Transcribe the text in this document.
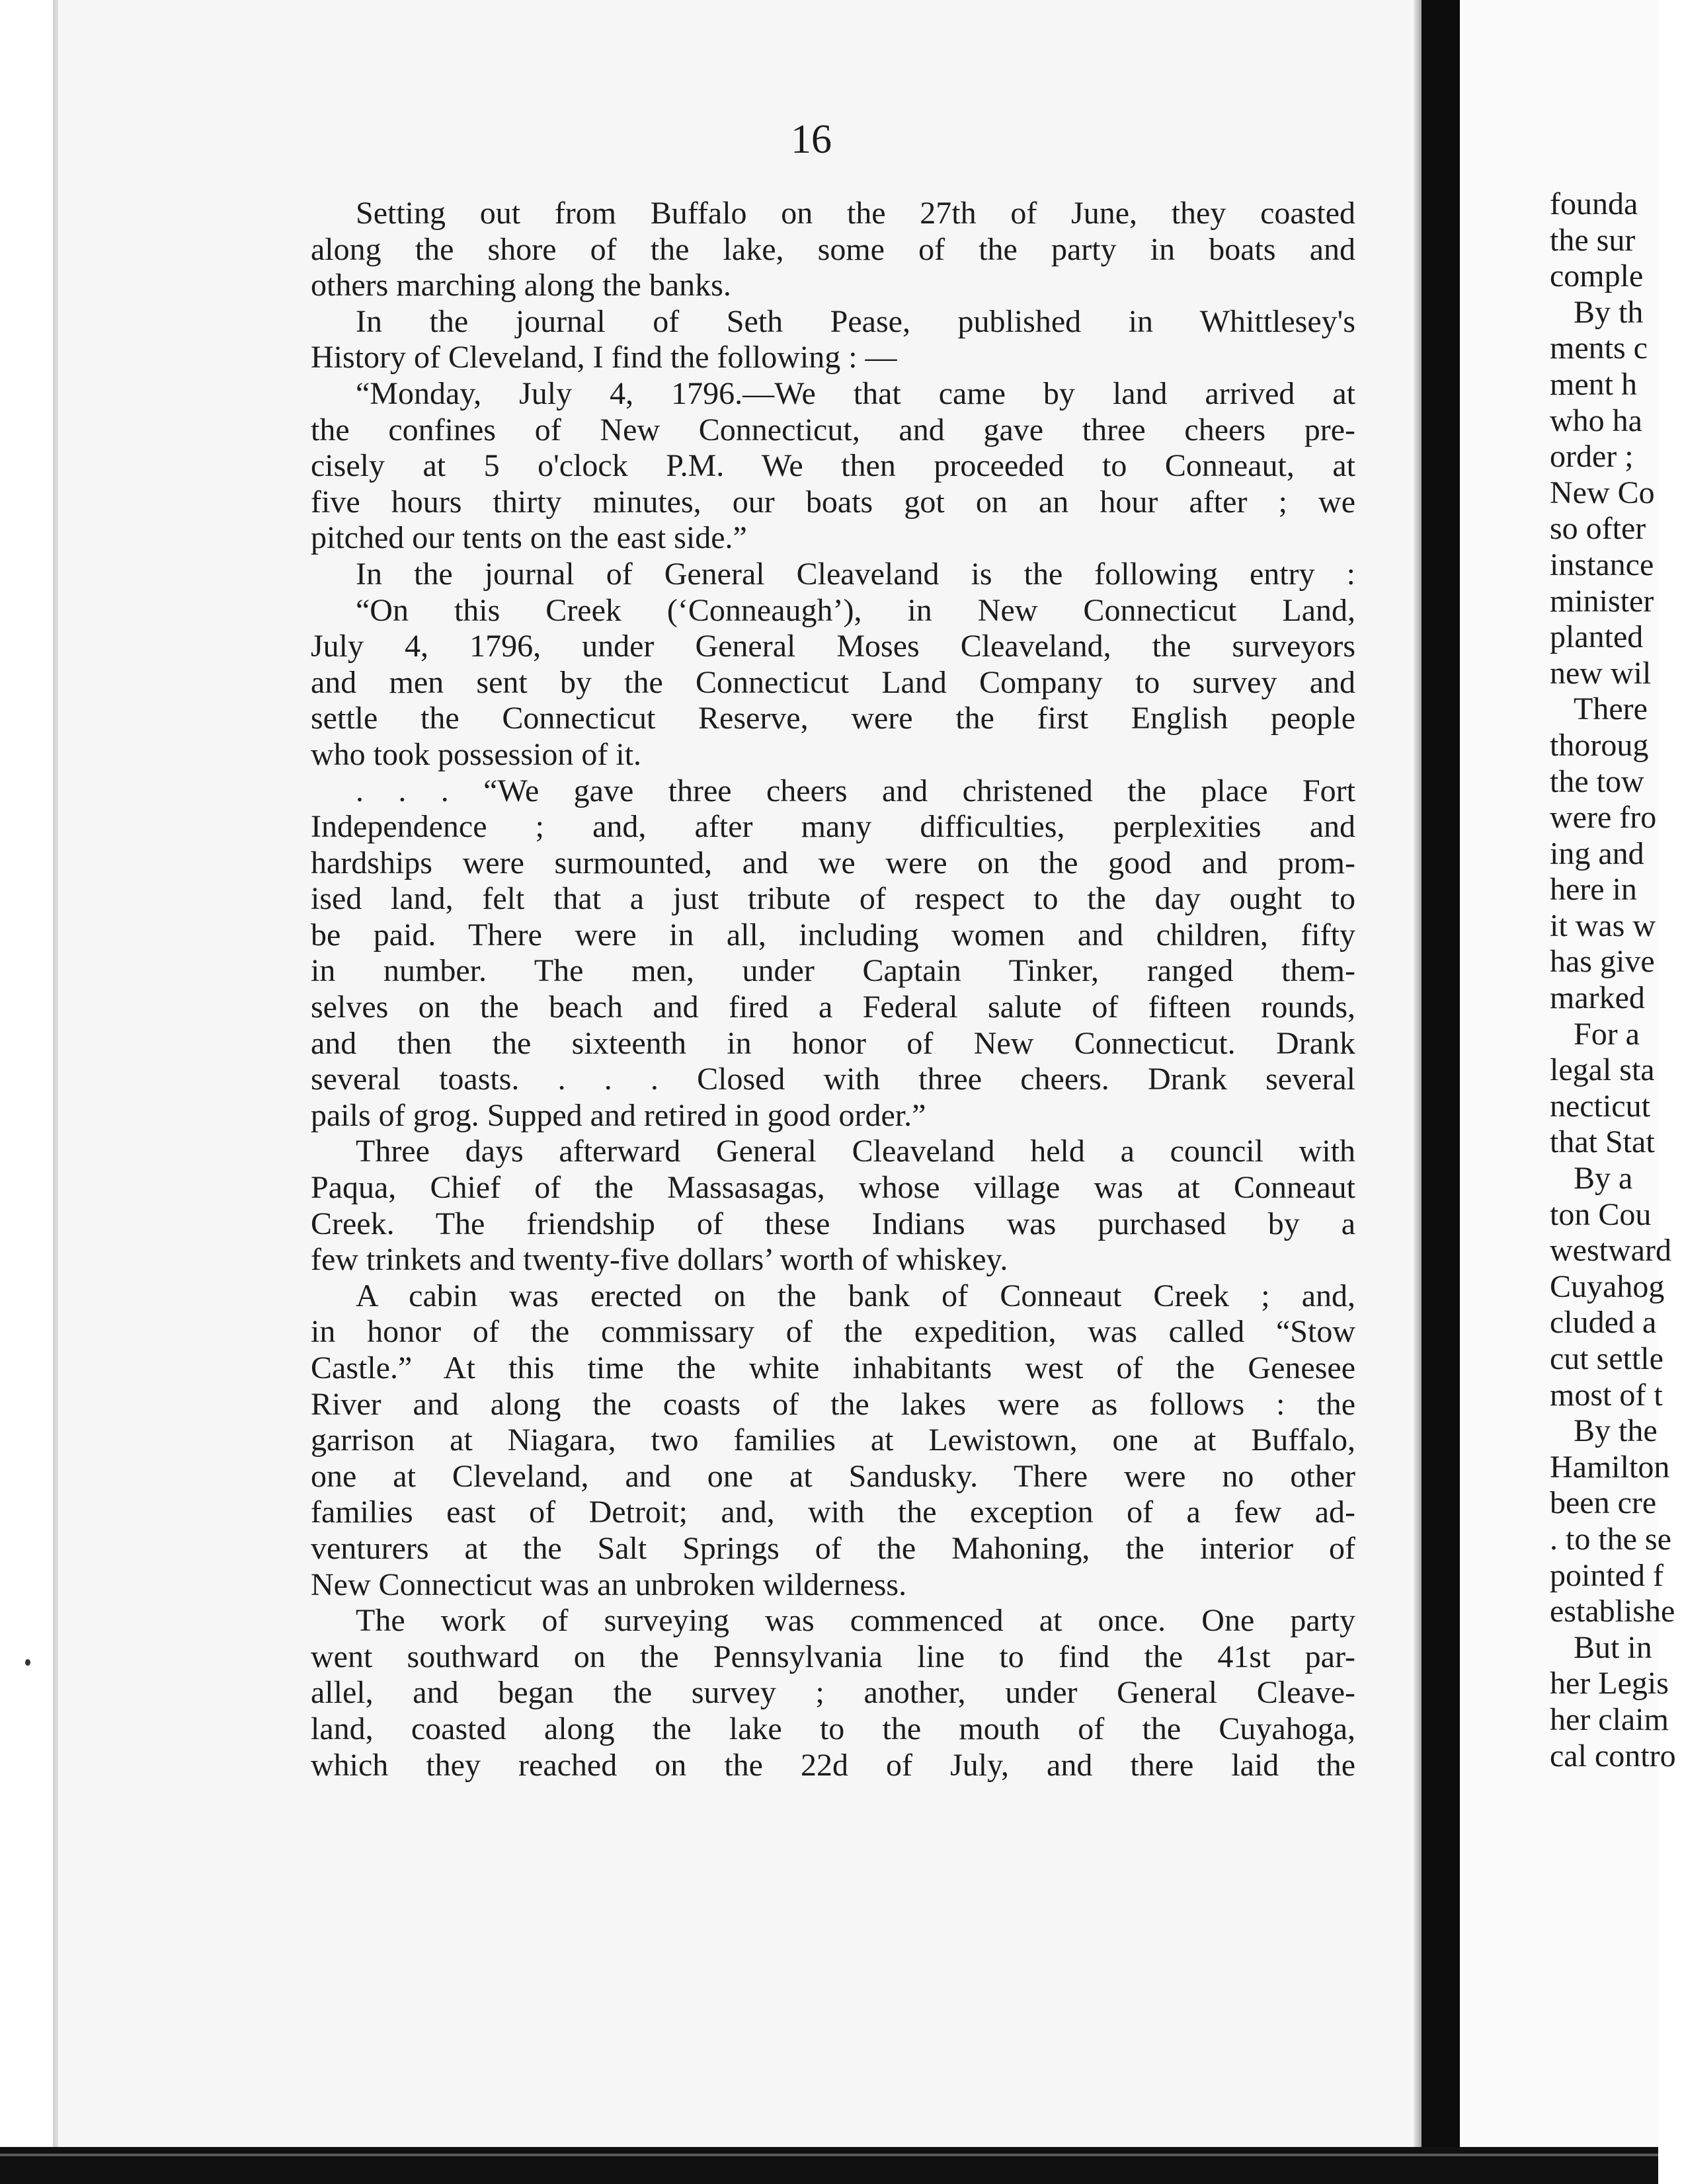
16
Setting out from Buffalo on the 27th of June, they coasted
along the shore of the lake, some of the party in boats and
others marching along the banks.
In the journal of Seth Pease, published in Whittlesey's
History of Cleveland, I find the following : —
“Monday, July 4, 1796.—We that came by land arrived at
the confines of New Connecticut, and gave three cheers pre-
cisely at 5 o'clock P.M. We then proceeded to Conneaut, at
five hours thirty minutes, our boats got on an hour after ; we
pitched our tents on the east side.”
In the journal of General Cleaveland is the following entry :
“On this Creek (‘Conneaugh’), in New Connecticut Land,
July 4, 1796, under General Moses Cleaveland, the surveyors
and men sent by the Connecticut Land Company to survey and
settle the Connecticut Reserve, were the first English people
who took possession of it.
. . . “We gave three cheers and christened the place Fort
Independence ; and, after many difficulties, perplexities and
hardships were surmounted, and we were on the good and prom-
ised land, felt that a just tribute of respect to the day ought to
be paid. There were in all, including women and children, fifty
in number. The men, under Captain Tinker, ranged them-
selves on the beach and fired a Federal salute of fifteen rounds,
and then the sixteenth in honor of New Connecticut. Drank
several toasts. . . . Closed with three cheers. Drank several
pails of grog. Supped and retired in good order.”
Three days afterward General Cleaveland held a council with
Paqua, Chief of the Massasagas, whose village was at Conneaut
Creek. The friendship of these Indians was purchased by a
few trinkets and twenty-five dollars’ worth of whiskey.
A cabin was erected on the bank of Conneaut Creek ; and,
in honor of the commissary of the expedition, was called “Stow
Castle.” At this time the white inhabitants west of the Genesee
River and along the coasts of the lakes were as follows : the
garrison at Niagara, two families at Lewistown, one at Buffalo,
one at Cleveland, and one at Sandusky. There were no other
families east of Detroit; and, with the exception of a few ad-
venturers at the Salt Springs of the Mahoning, the interior of
New Connecticut was an unbroken wilderness.
The work of surveying was commenced at once. One party
went southward on the Pennsylvania line to find the 41st par-
allel, and began the survey ; another, under General Cleave-
land, coasted along the lake to the mouth of the Cuyahoga,
which they reached on the 22d of July, and there laid the
founda
the sur
comple
By th
ments c
ment h
who ha
order ;
New Co
so ofter
instance
minister
planted
new wil
There
thoroug
the tow
were fro
ing and
here in
it was w
has give
marked
For a
legal sta
necticut
that Stat
By a
ton Cou
westward
Cuyahog
cluded a
cut settle
most of t
By the
Hamilton
been cre
. to the se
pointed f
establishe
But in
her Legis
her claim
cal contro
